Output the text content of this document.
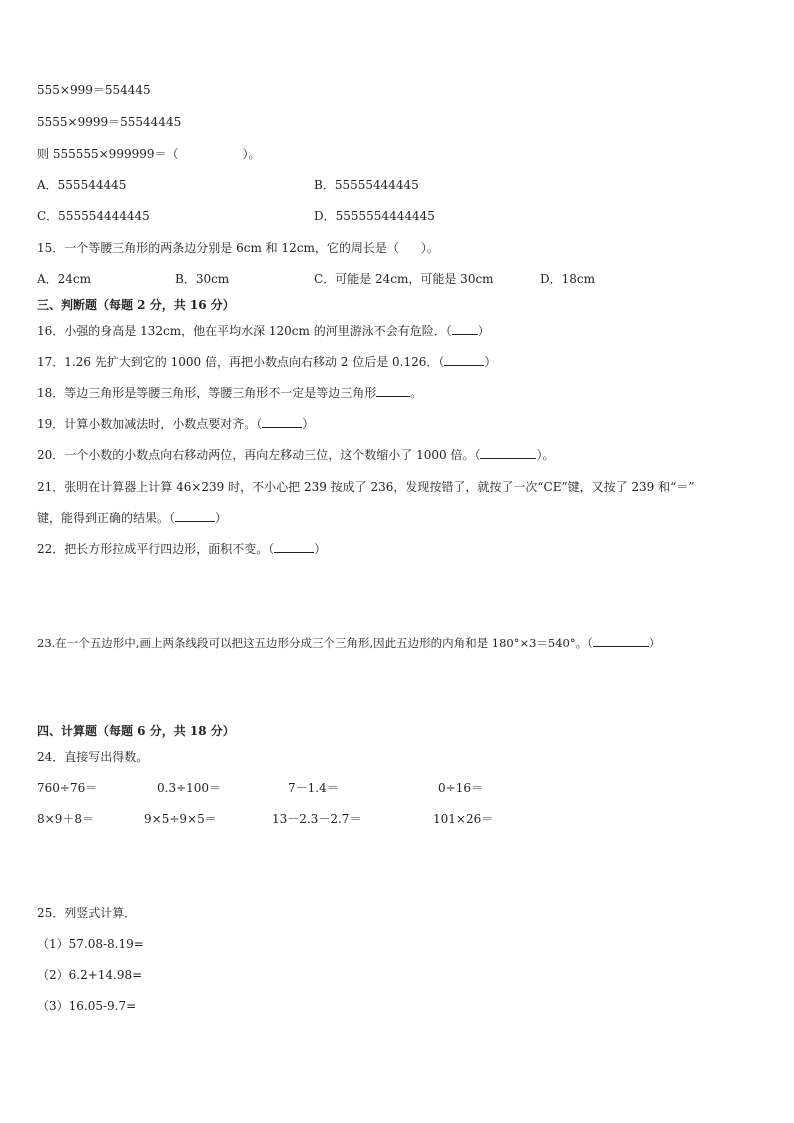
555×999＝554445
5555×9999＝55544445
则 555555×999999＝（	）。
A．555544445	B．55555444445
C．555554444445	D．5555554444445
15．一个等腰三角形的两条边分别是 6cm 和 12cm，它的周长是（ ）。
A．24cm	B．30cm	C．可能是 24cm，可能是 30cm	D．18cm
三、判断题（每题 2 分，共 16 分）
16．小强的身高是 132cm，他在平均水深 120cm 的河里游泳不会有危险．（ ）
17．1.26 先扩大到它的 1000 倍，再把小数点向右移动 2 位后是 0.126．（	）
18．等边三角形是等腰三角形，等腰三角形不一定是等边三角形	。
19．计算小数加减法时，小数点要对齐。（	）
20．一个小数的小数点向右移动两位，再向左移动三位，这个数缩小了 1000 倍。（	）。
21．张明在计算器上计算 46×239 时，不小心把 239 按成了 236，发现按错了，就按了一次“CE”键，又按了 239 和“＝”
键，能得到正确的结果。（	）
22．把长方形拉成平行四边形，面积不变。（	）
23.在一个五边形中,画上两条线段可以把这五边形分成三个三角形,因此五边形的内角和是 180°×3＝540°。（	）
四、计算题（每题 6 分，共 18 分）
24．直接写出得数。
760÷76＝	0.3÷100＝	7－1.4＝	0÷16＝
8×9＋8＝	9×5÷9×5＝	13－2.3－2.7＝	101×26＝
25．列竖式计算．
（1）57.08-8.19=
（2）6.2+14.98=
（3）16.05-9.7=
